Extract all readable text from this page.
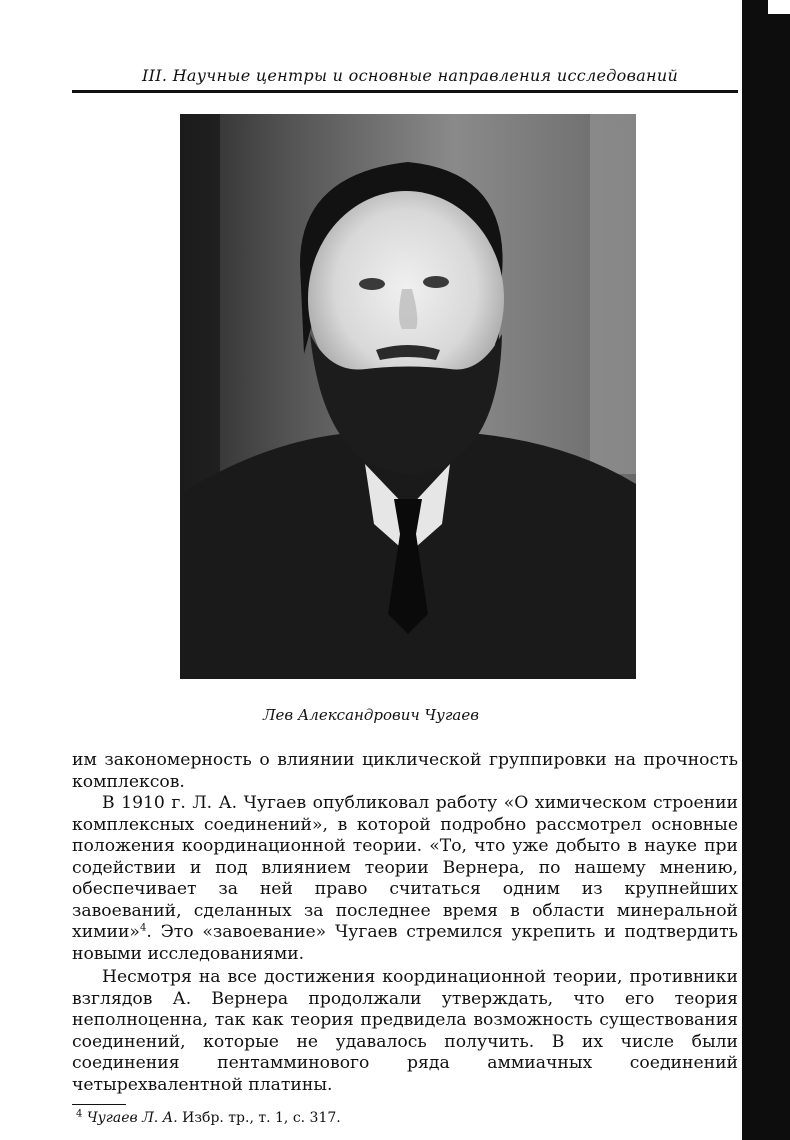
III. Научные центры и основные направления исследований
Лев Александрович Чугаев

им закономерность о влиянии циклической группировки на прочность комплексов.

В 1910 г. Л. А. Чугаев опубликовал работу «О химическом строении комплексных соединений», в которой подробно рассмотрел основные положения координационной теории. «То, что уже добыто в науке при содействии и под влиянием теории Вернера, по нашему мнению, обеспечивает за ней право считаться одним из крупнейших завоеваний, сделанных за последнее время в области минеральной химии»$^4$. Это «завоевание» Чугаев стремился укрепить и подтвердить новыми исследованиями.

Несмотря на все достижения координационной теории, противники взглядов А. Вернера продолжали утверждать, что его теория неполноценна, так как теория предвидела возможность существования соединений, которые не удавалось получить. В их числе были соединения пентамминового ряда аммиачных соединений четырехвалентной платины.

$^4$ Чугаев Л. А. Избр. тр., т. 1, с. 317.
